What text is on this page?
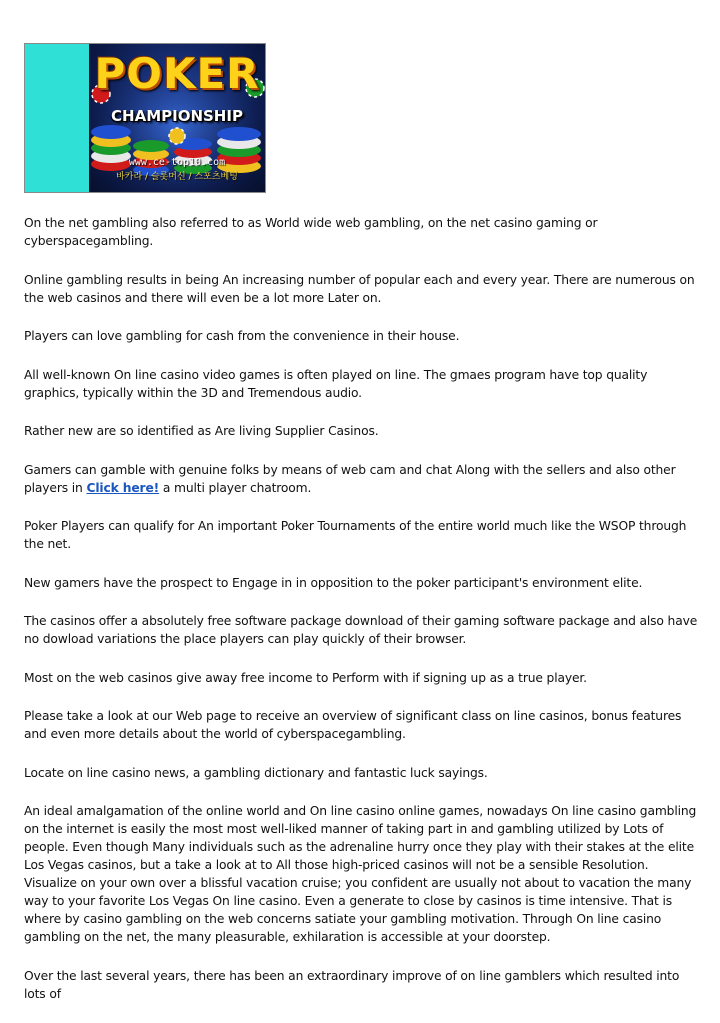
POKER
CHAMPIONSHIP
www.ce-top10.com
바카라 / 슬롯머신 / 스포츠베팅

On the net gambling also referred to as World wide web gambling, on the net casino gaming or cyberspacegambling.

Online gambling results in being An increasing number of popular each and every year. There are numerous on the web casinos and there will even be a lot more Later on.

Players can love gambling for cash from the convenience in their house.

All well-known On line casino video games is often played on line. The gmaes program have top quality graphics, typically within the 3D and Tremendous audio.

Rather new are so identified as Are living Supplier Casinos.

Gamers can gamble with genuine folks by means of web cam and chat Along with the sellers and also other players in Click here! a multi player chatroom.

Poker Players can qualify for An important Poker Tournaments of the entire world much like the WSOP through the net.

New gamers have the prospect to Engage in in opposition to the poker participant's environment elite.

The casinos offer a absolutely free software package download of their gaming software package and also have no dowload variations the place players can play quickly of their browser.

Most on the web casinos give away free income to Perform with if signing up as a true player.

Please take a look at our Web page to receive an overview of significant class on line casinos, bonus features and even more details about the world of cyberspacegambling.

Locate on line casino news, a gambling dictionary and fantastic luck sayings.

An ideal amalgamation of the online world and On line casino online games, nowadays On line casino gambling on the internet is easily the most most well-liked manner of taking part in and gambling utilized by Lots of people. Even though Many individuals such as the adrenaline hurry once they play with their stakes at the elite Los Vegas casinos, but a take a look at to All those high-priced casinos will not be a sensible Resolution. Visualize on your own over a blissful vacation cruise; you confident are usually not about to vacation the many way to your favorite Los Vegas On line casino. Even a generate to close by casinos is time intensive. That is where by casino gambling on the web concerns satiate your gambling motivation. Through On line casino gambling on the net, the many pleasurable, exhilaration is accessible at your doorstep.

Over the last several years, there has been an extraordinary improve of on line gamblers which resulted into lots of
